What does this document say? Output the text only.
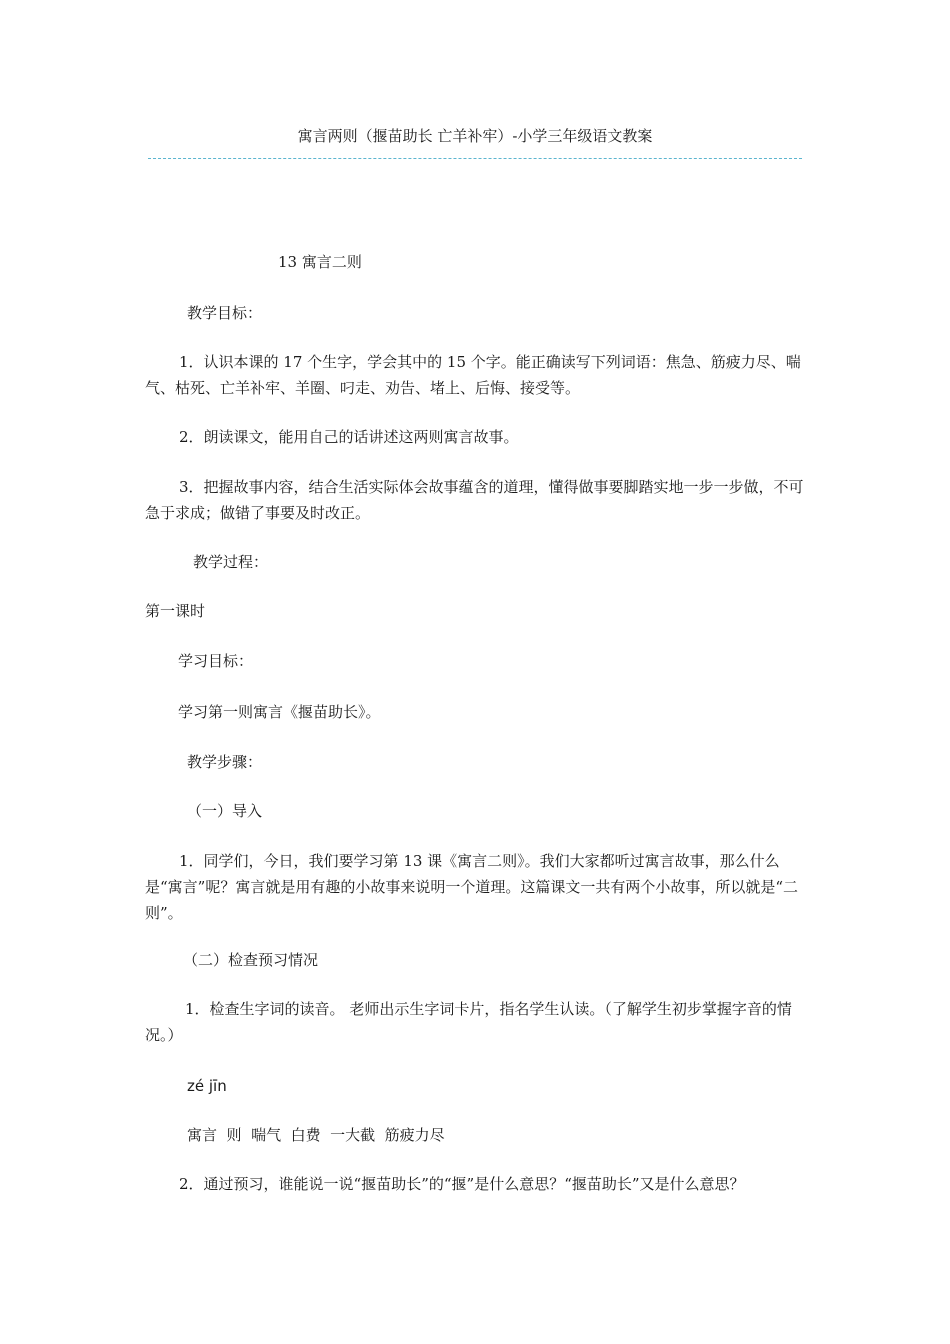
寓言两则（揠苗助长 亡羊补牢）-小学三年级语文教案
13 寓言二则
教学目标：
1．认识本课的 17 个生字，学会其中的 15 个字。能正确读写下列词语：焦急、筋疲力尽、喘气、枯死、亡羊补牢、羊圈、叼走、劝告、堵上、后悔、接受等。
2．朗读课文，能用自己的话讲述这两则寓言故事。
3．把握故事内容，结合生活实际体会故事蕴含的道理，懂得做事要脚踏实地一步一步做，不可急于求成；做错了事要及时改正。
教学过程：
第一课时
学习目标：
学习第一则寓言《揠苗助长》。
教学步骤：
（一）导入
1．同学们，今日，我们要学习第 13 课《寓言二则》。我们大家都听过寓言故事，那么什么是“寓言”呢？寓言就是用有趣的小故事来说明一个道理。这篇课文一共有两个小故事，所以就是“二则”。
（二）检查预习情况
1．检查生字词的读音。 老师出示生字词卡片，指名学生认读。（了解学生初步掌握字音的情况。）
zé jīn
寓言  则  喘气  白费  一大截  筋疲力尽
2．通过预习，谁能说一说“揠苗助长”的“揠”是什么意思？“揠苗助长”又是什么意思？
